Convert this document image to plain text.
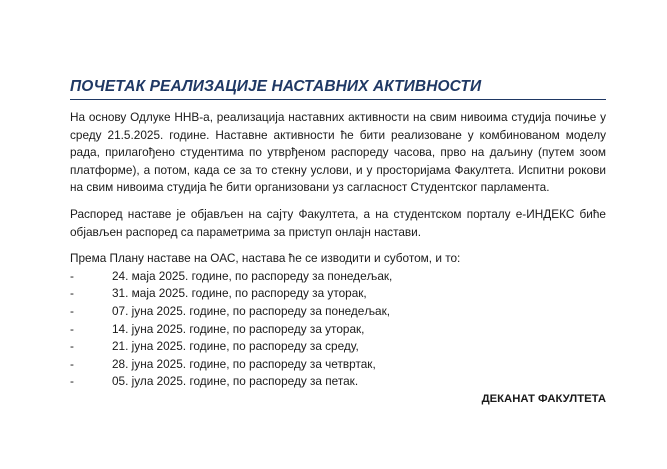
ПОЧЕТАК РЕАЛИЗАЦИЈЕ НАСТАВНИХ АКТИВНОСТИ

На основу Одлуке ННВ-а, реализација наставних активности на свим нивоима студија почиње у среду 21.5.2025. године. Наставне активности ће бити реализоване у комбинованом моделу рада, прилагођено студентима по утврђеном распореду часова, прво на даљину (путем зоом платформе), а потом, када се за то стекну услови, и у просторијама Факултета. Испитни рокови на свим нивоима студија ће бити организовани уз сагласност Студентског парламента.

Распоред наставе је објављен на сајту Факултета, а на студентском порталу е-ИНДЕКС биће објављен распоред са параметрима за приступ онлајн настави.

Према Плану наставе на ОАС, настава ће се изводити и суботом, и то:

-	24. маја 2025. године, по распореду за понедељак,
-	31. маја 2025. године, по распореду за уторак,
-	07. јуна 2025. године, по распореду за понедељак,
-	14. јуна 2025. године, по распореду за уторак,
-	21. јуна 2025. године, по распореду за среду,
-	28. јуна 2025. године, по распореду за четвртак,
-	05. јула 2025. године, по распореду за петак.
ДЕКАНАТ ФАКУЛТЕТА
